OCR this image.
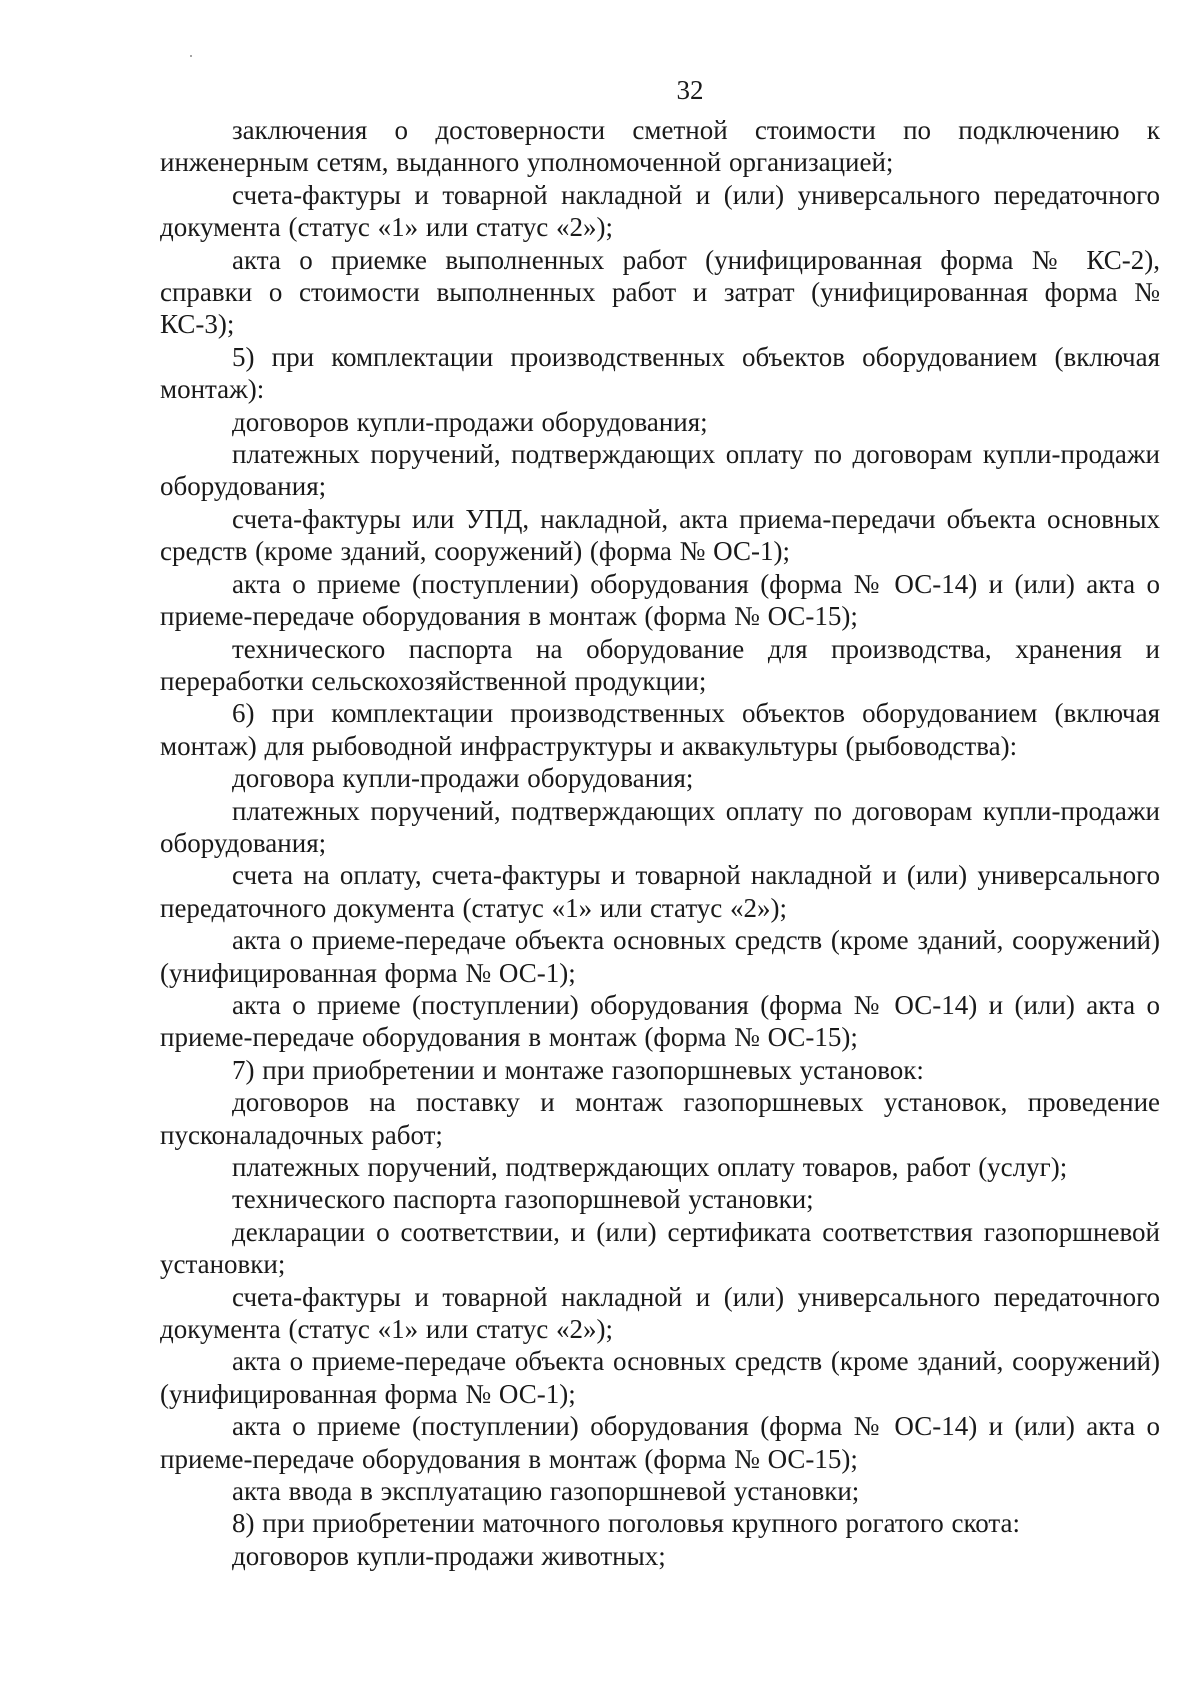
32

заключения о достоверности сметной стоимости по подключению к инженерным сетям, выданного уполномоченной организацией;

счета-фактуры и товарной накладной и (или) универсального передаточного документа (статус «1» или статус «2»);

акта о приемке выполненных работ (унифицированная форма № КС-2), справки о стоимости выполненных работ и затрат (унифицированная форма № КС-3);

5) при комплектации производственных объектов оборудованием (включая монтаж):

договоров купли-продажи оборудования;

платежных поручений, подтверждающих оплату по договорам купли-продажи оборудования;

счета-фактуры или УПД, накладной, акта приема-передачи объекта основных средств (кроме зданий, сооружений) (форма № ОС-1);

акта о приеме (поступлении) оборудования (форма № ОС-14) и (или) акта о приеме-передаче оборудования в монтаж (форма № ОС-15);

технического паспорта на оборудование для производства, хранения и переработки сельскохозяйственной продукции;

6) при комплектации производственных объектов оборудованием (включая монтаж) для рыбоводной инфраструктуры и аквакультуры (рыбоводства):

договора купли-продажи оборудования;

платежных поручений, подтверждающих оплату по договорам купли-продажи оборудования;

счета на оплату, счета-фактуры и товарной накладной и (или) универсального передаточного документа (статус «1» или статус «2»);

акта о приеме-передаче объекта основных средств (кроме зданий, сооружений) (унифицированная форма № ОС-1);

акта о приеме (поступлении) оборудования (форма № ОС-14) и (или) акта о приеме-передаче оборудования в монтаж (форма № ОС-15);

7) при приобретении и монтаже газопоршневых установок:

договоров на поставку и монтаж газопоршневых установок, проведение пусконаладочных работ;

платежных поручений, подтверждающих оплату товаров, работ (услуг);

технического паспорта газопоршневой установки;

декларации о соответствии, и (или) сертификата соответствия газопоршневой установки;

счета-фактуры и товарной накладной и (или) универсального передаточного документа (статус «1» или статус «2»);

акта о приеме-передаче объекта основных средств (кроме зданий, сооружений) (унифицированная форма № ОС-1);

акта о приеме (поступлении) оборудования (форма № ОС-14) и (или) акта о приеме-передаче оборудования в монтаж (форма № ОС-15);

акта ввода в эксплуатацию газопоршневой установки;

8) при приобретении маточного поголовья крупного рогатого скота:

договоров купли-продажи животных;
